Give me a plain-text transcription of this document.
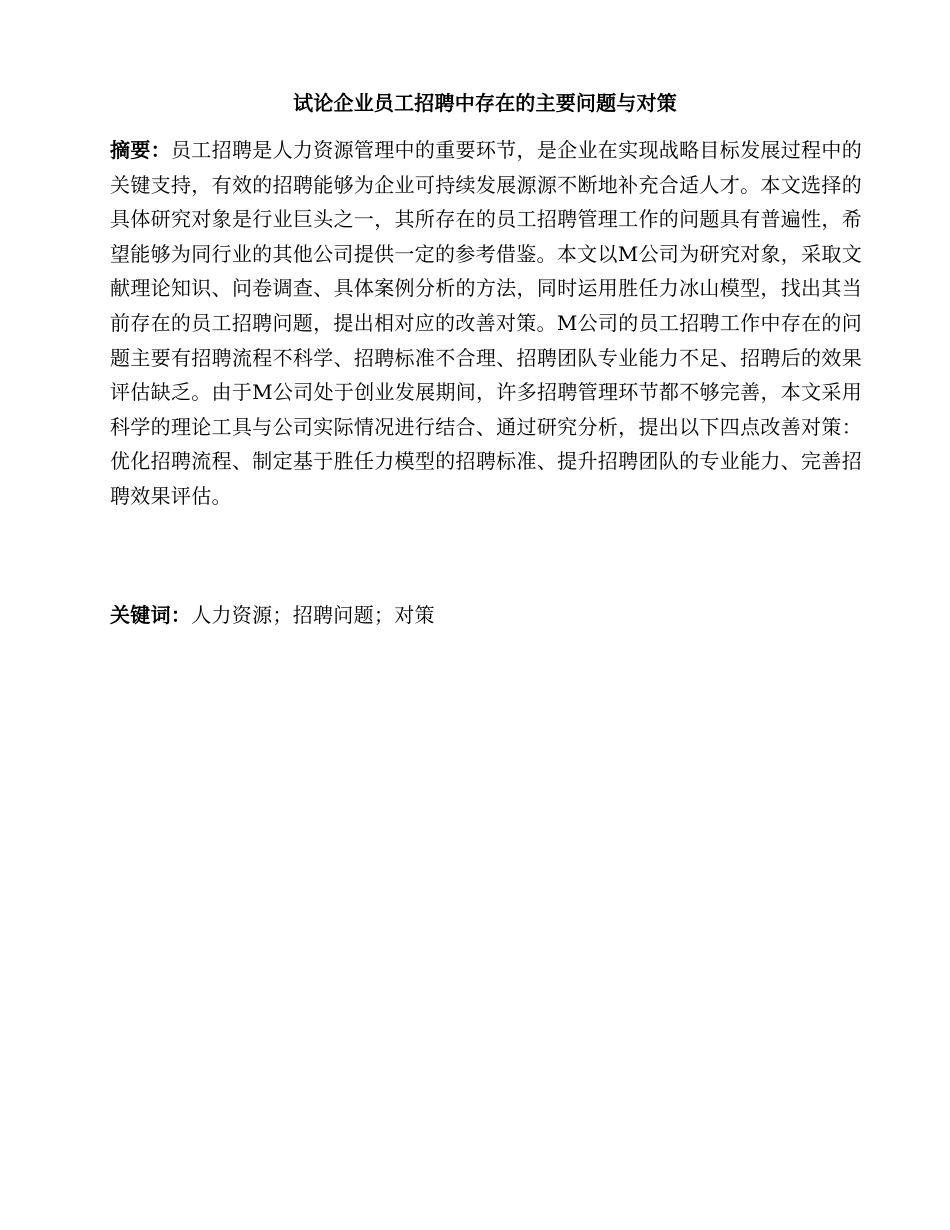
试论企业员工招聘中存在的主要问题与对策

摘要：员工招聘是人力资源管理中的重要环节，是企业在实现战略目标发展过程中的关键支持，有效的招聘能够为企业可持续发展源源不断地补充合适人才。本文选择的具体研究对象是行业巨头之一，其所存在的员工招聘管理工作的问题具有普遍性，希望能够为同行业的其他公司提供一定的参考借鉴。本文以M公司为研究对象，采取文献理论知识、问卷调查、具体案例分析的方法，同时运用胜任力冰山模型，找出其当前存在的员工招聘问题，提出相对应的改善对策。M公司的员工招聘工作中存在的问题主要有招聘流程不科学、招聘标准不合理、招聘团队专业能力不足、招聘后的效果评估缺乏。由于M公司处于创业发展期间，许多招聘管理环节都不够完善，本文采用科学的理论工具与公司实际情况进行结合、通过研究分析，提出以下四点改善对策：优化招聘流程、制定基于胜任力模型的招聘标准、提升招聘团队的专业能力、完善招聘效果评估。

关键词：人力资源；招聘问题；对策
